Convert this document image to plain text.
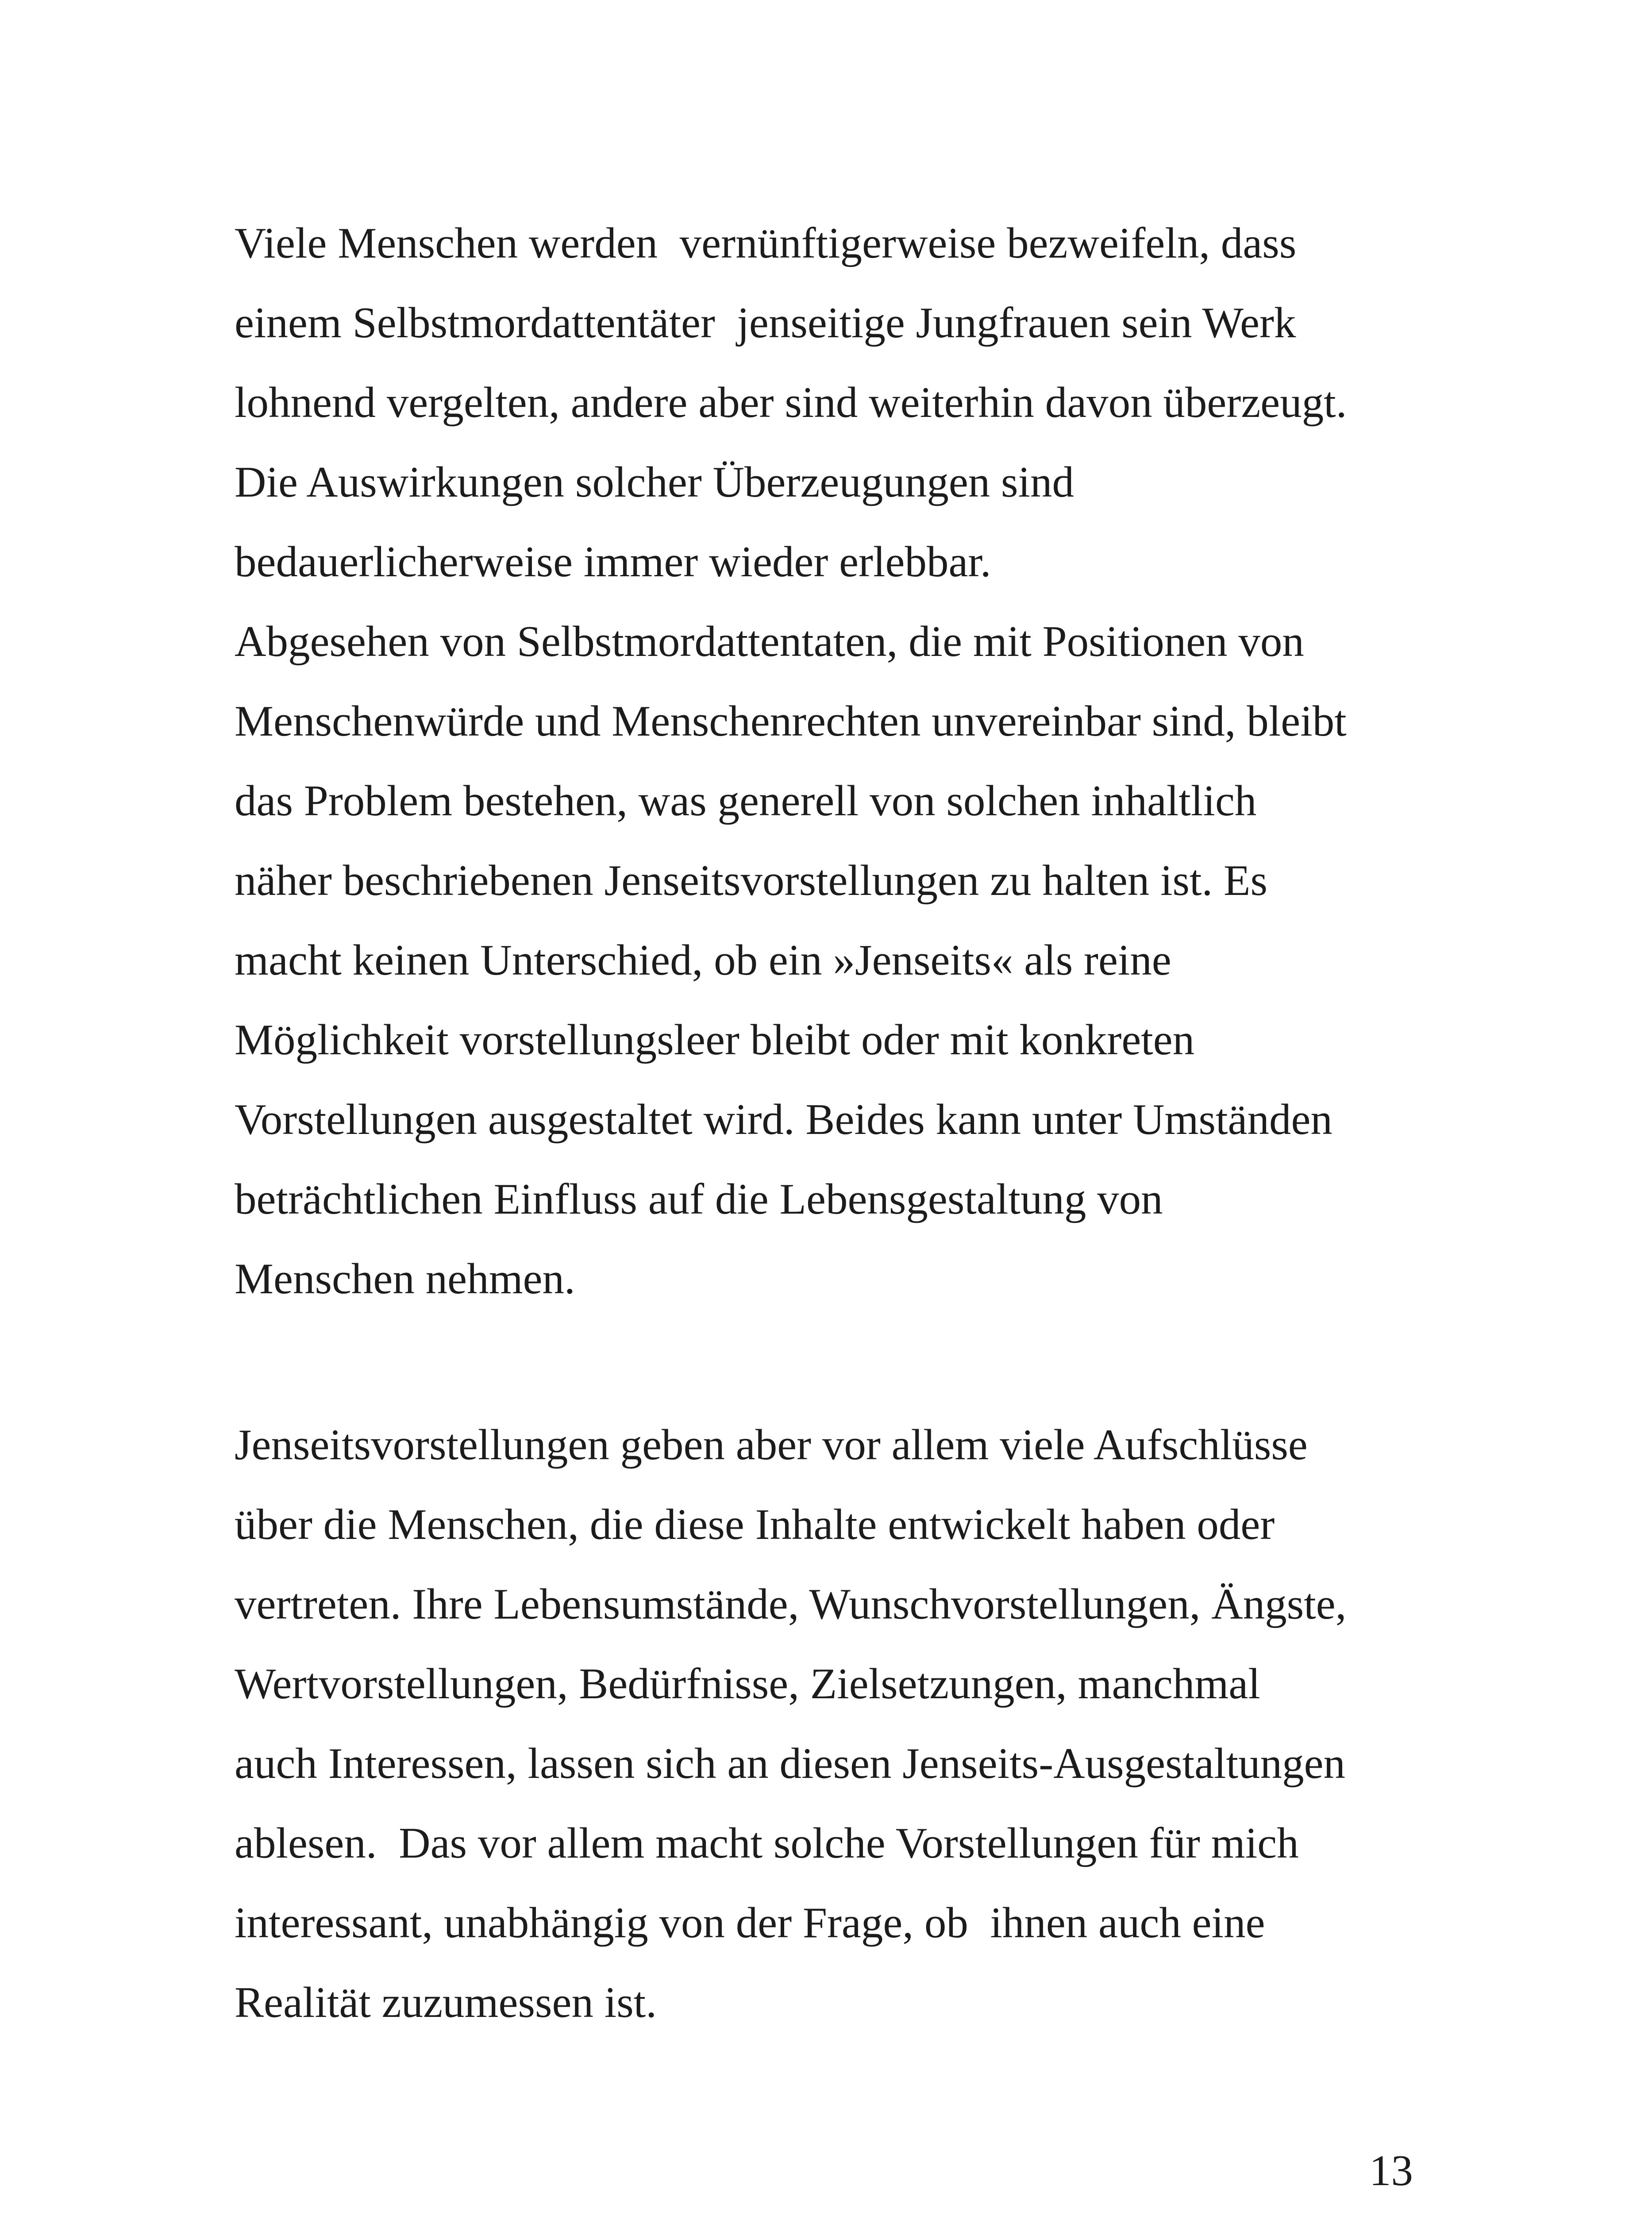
Viele Menschen werden  vernünftigerweise bezweifeln, dass
einem Selbstmordattentäter  jenseitige Jungfrauen sein Werk
lohnend vergelten, andere aber sind weiterhin davon überzeugt.
Die Auswirkungen solcher Überzeugungen sind
bedauerlicherweise immer wieder erlebbar.
Abgesehen von Selbstmordattentaten, die mit Positionen von
Menschenwürde und Menschenrechten unvereinbar sind, bleibt
das Problem bestehen, was generell von solchen inhaltlich
näher beschriebenen Jenseitsvorstellungen zu halten ist. Es
macht keinen Unterschied, ob ein »Jenseits« als reine
Möglichkeit vorstellungsleer bleibt oder mit konkreten
Vorstellungen ausgestaltet wird. Beides kann unter Umständen
beträchtlichen Einfluss auf die Lebensgestaltung von
Menschen nehmen.
Jenseitsvorstellungen geben aber vor allem viele Aufschlüsse
über die Menschen, die diese Inhalte entwickelt haben oder
vertreten. Ihre Lebensumstände, Wunschvorstellungen, Ängste,
Wertvorstellungen, Bedürfnisse, Zielsetzungen, manchmal
auch Interessen, lassen sich an diesen Jenseits-Ausgestaltungen
ablesen.  Das vor allem macht solche Vorstellungen für mich
interessant, unabhängig von der Frage, ob  ihnen auch eine
Realität zuzumessen ist.
13
